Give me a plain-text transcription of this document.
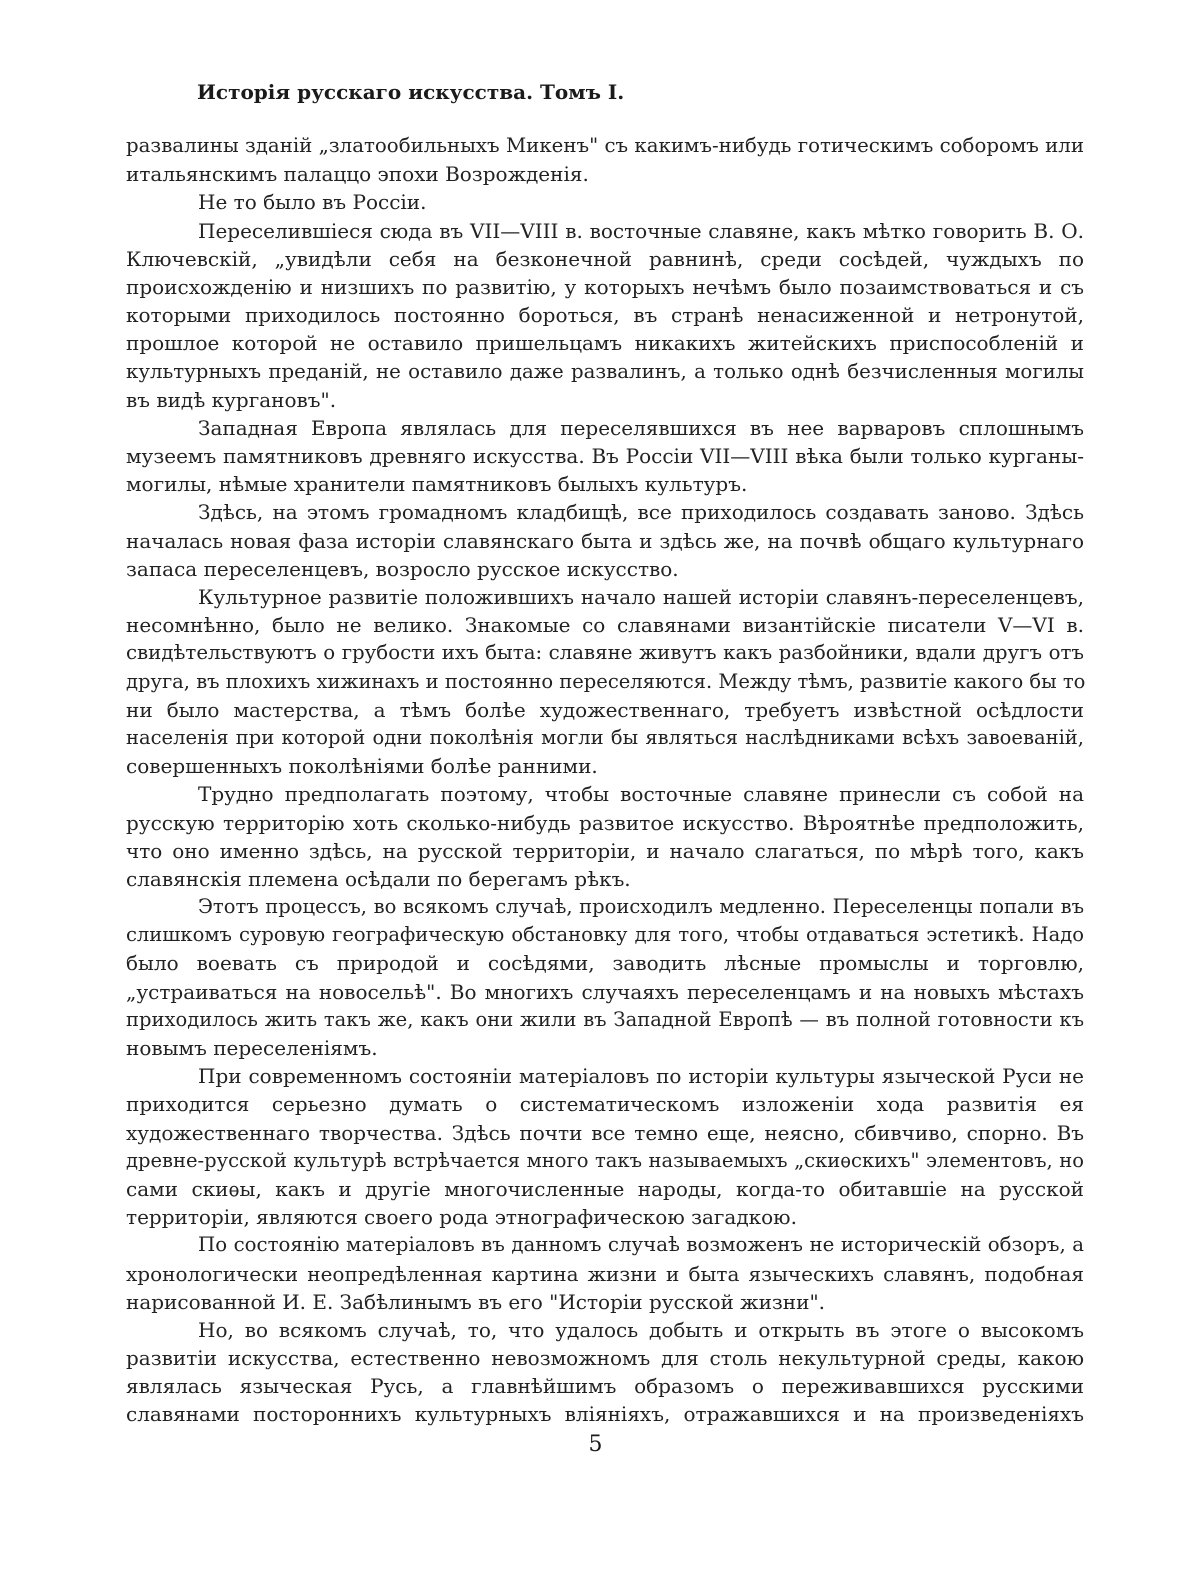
Исторія русскаго искусства. Томъ I.
развалины зданій „златообильныхъ Микенъ" съ какимъ-нибудь готическимъ соборомъ или
итальянскимъ палаццо эпохи Возрожденія.
Не то было въ Россіи.
Переселившіеся сюда въ VII—VIII в. восточные славяне, какъ мѣтко говорить В. О.
Ключевскій, „увидѣли себя на безконечной равнинѣ, среди сосѣдей, чуждыхъ по
происхожденію и низшихъ по развитію, у которыхъ нечѣмъ было позаимствоваться и съ
которыми приходилось постоянно бороться, въ странѣ ненасиженной и нетронутой,
прошлое которой не оставило пришельцамъ никакихъ житейскихъ приспособленій и
культурныхъ преданій, не оставило даже развалинъ, а только однѣ безчисленныя могилы
въ видѣ кургановъ".
Западная Европа являлась для переселявшихся въ нее варваровъ сплошнымъ
музеемъ памятниковъ древняго искусства. Въ Россіи VII—VIII вѣка были только курганы-
могилы, нѣмые хранители памятниковъ былыхъ культуръ.
Здѣсь, на этомъ громадномъ кладбищѣ, все приходилось создавать заново. Здѣсь
началась новая фаза исторіи славянскаго быта и здѣсь же, на почвѣ общаго культурнаго
запаса переселенцевъ, возросло русское искусство.
Культурное развитіе положившихъ начало нашей исторіи славянъ-переселенцевъ,
несомнѣнно, было не велико. Знакомые со славянами византійскіе писатели V—VI в.
свидѣтельствуютъ о грубости ихъ быта: славяне живутъ какъ разбойники, вдали другъ отъ
друга, въ плохихъ хижинахъ и постоянно переселяются. Между тѣмъ, развитіе какого бы то
ни было мастерства, а тѣмъ болѣе художественнаго, требуетъ извѣстной осѣдлости
населенія при которой одни поколѣнія могли бы являться наслѣдниками всѣхъ завоеваній,
совершенныхъ поколѣніями болѣе ранними.
Трудно предполагать поэтому, чтобы восточные славяне принесли съ собой на
русскую территорію хоть сколько-нибудь развитое искусство. Вѣроятнѣе предположить,
что оно именно здѣсь, на русской территоріи, и начало слагаться, по мѣрѣ того, какъ
славянскія племена осѣдали по берегамъ рѣкъ.
Этотъ процессъ, во всякомъ случаѣ, происходилъ медленно. Переселенцы попали въ
слишкомъ суровую географическую обстановку для того, чтобы отдаваться эстетикѣ. Надо
было воевать съ природой и сосѣдями, заводить лѣсные промыслы и торговлю,
„устраиваться на новосельѣ". Во многихъ случаяхъ переселенцамъ и на новыхъ мѣстахъ
приходилось жить такъ же, какъ они жили въ Западной Европѣ — въ полной готовности къ
новымъ переселеніямъ.
При современномъ состояніи матеріаловъ по исторіи культуры языческой Руси не
приходится серьезно думать о систематическомъ изложеніи хода развитія ея
художественнаго творчества. Здѣсь почти все темно еще, неясно, сбивчиво, спорно. Въ
древне-русской культурѣ встрѣчается много такъ называемыхъ „скиѳскихъ" элементовъ, но
сами скиѳы, какъ и другіе многочисленные народы, когда-то обитавшіе на русской
территоріи, являются своего рода этнографическою загадкою.
По состоянію матеріаловъ въ данномъ случаѣ возможенъ не историческій обзоръ, а
хронологически неопредѣленная картина жизни и быта языческихъ славянъ, подобная
нарисованной И. Е. Забѣлинымъ въ его "Исторіи русской жизни".
Но, во всякомъ случаѣ, то, что удалось добыть и открыть въ этоге о высокомъ
развитіи искусства, естественно невозможномъ для столь некультурной среды, какою
являлась языческая Русь, а главнѣйшимъ образомъ о переживавшихся русскими
славянами постороннихъ культурныхъ вліяніяхъ, отражавшихся и на произведеніяхъ
5
